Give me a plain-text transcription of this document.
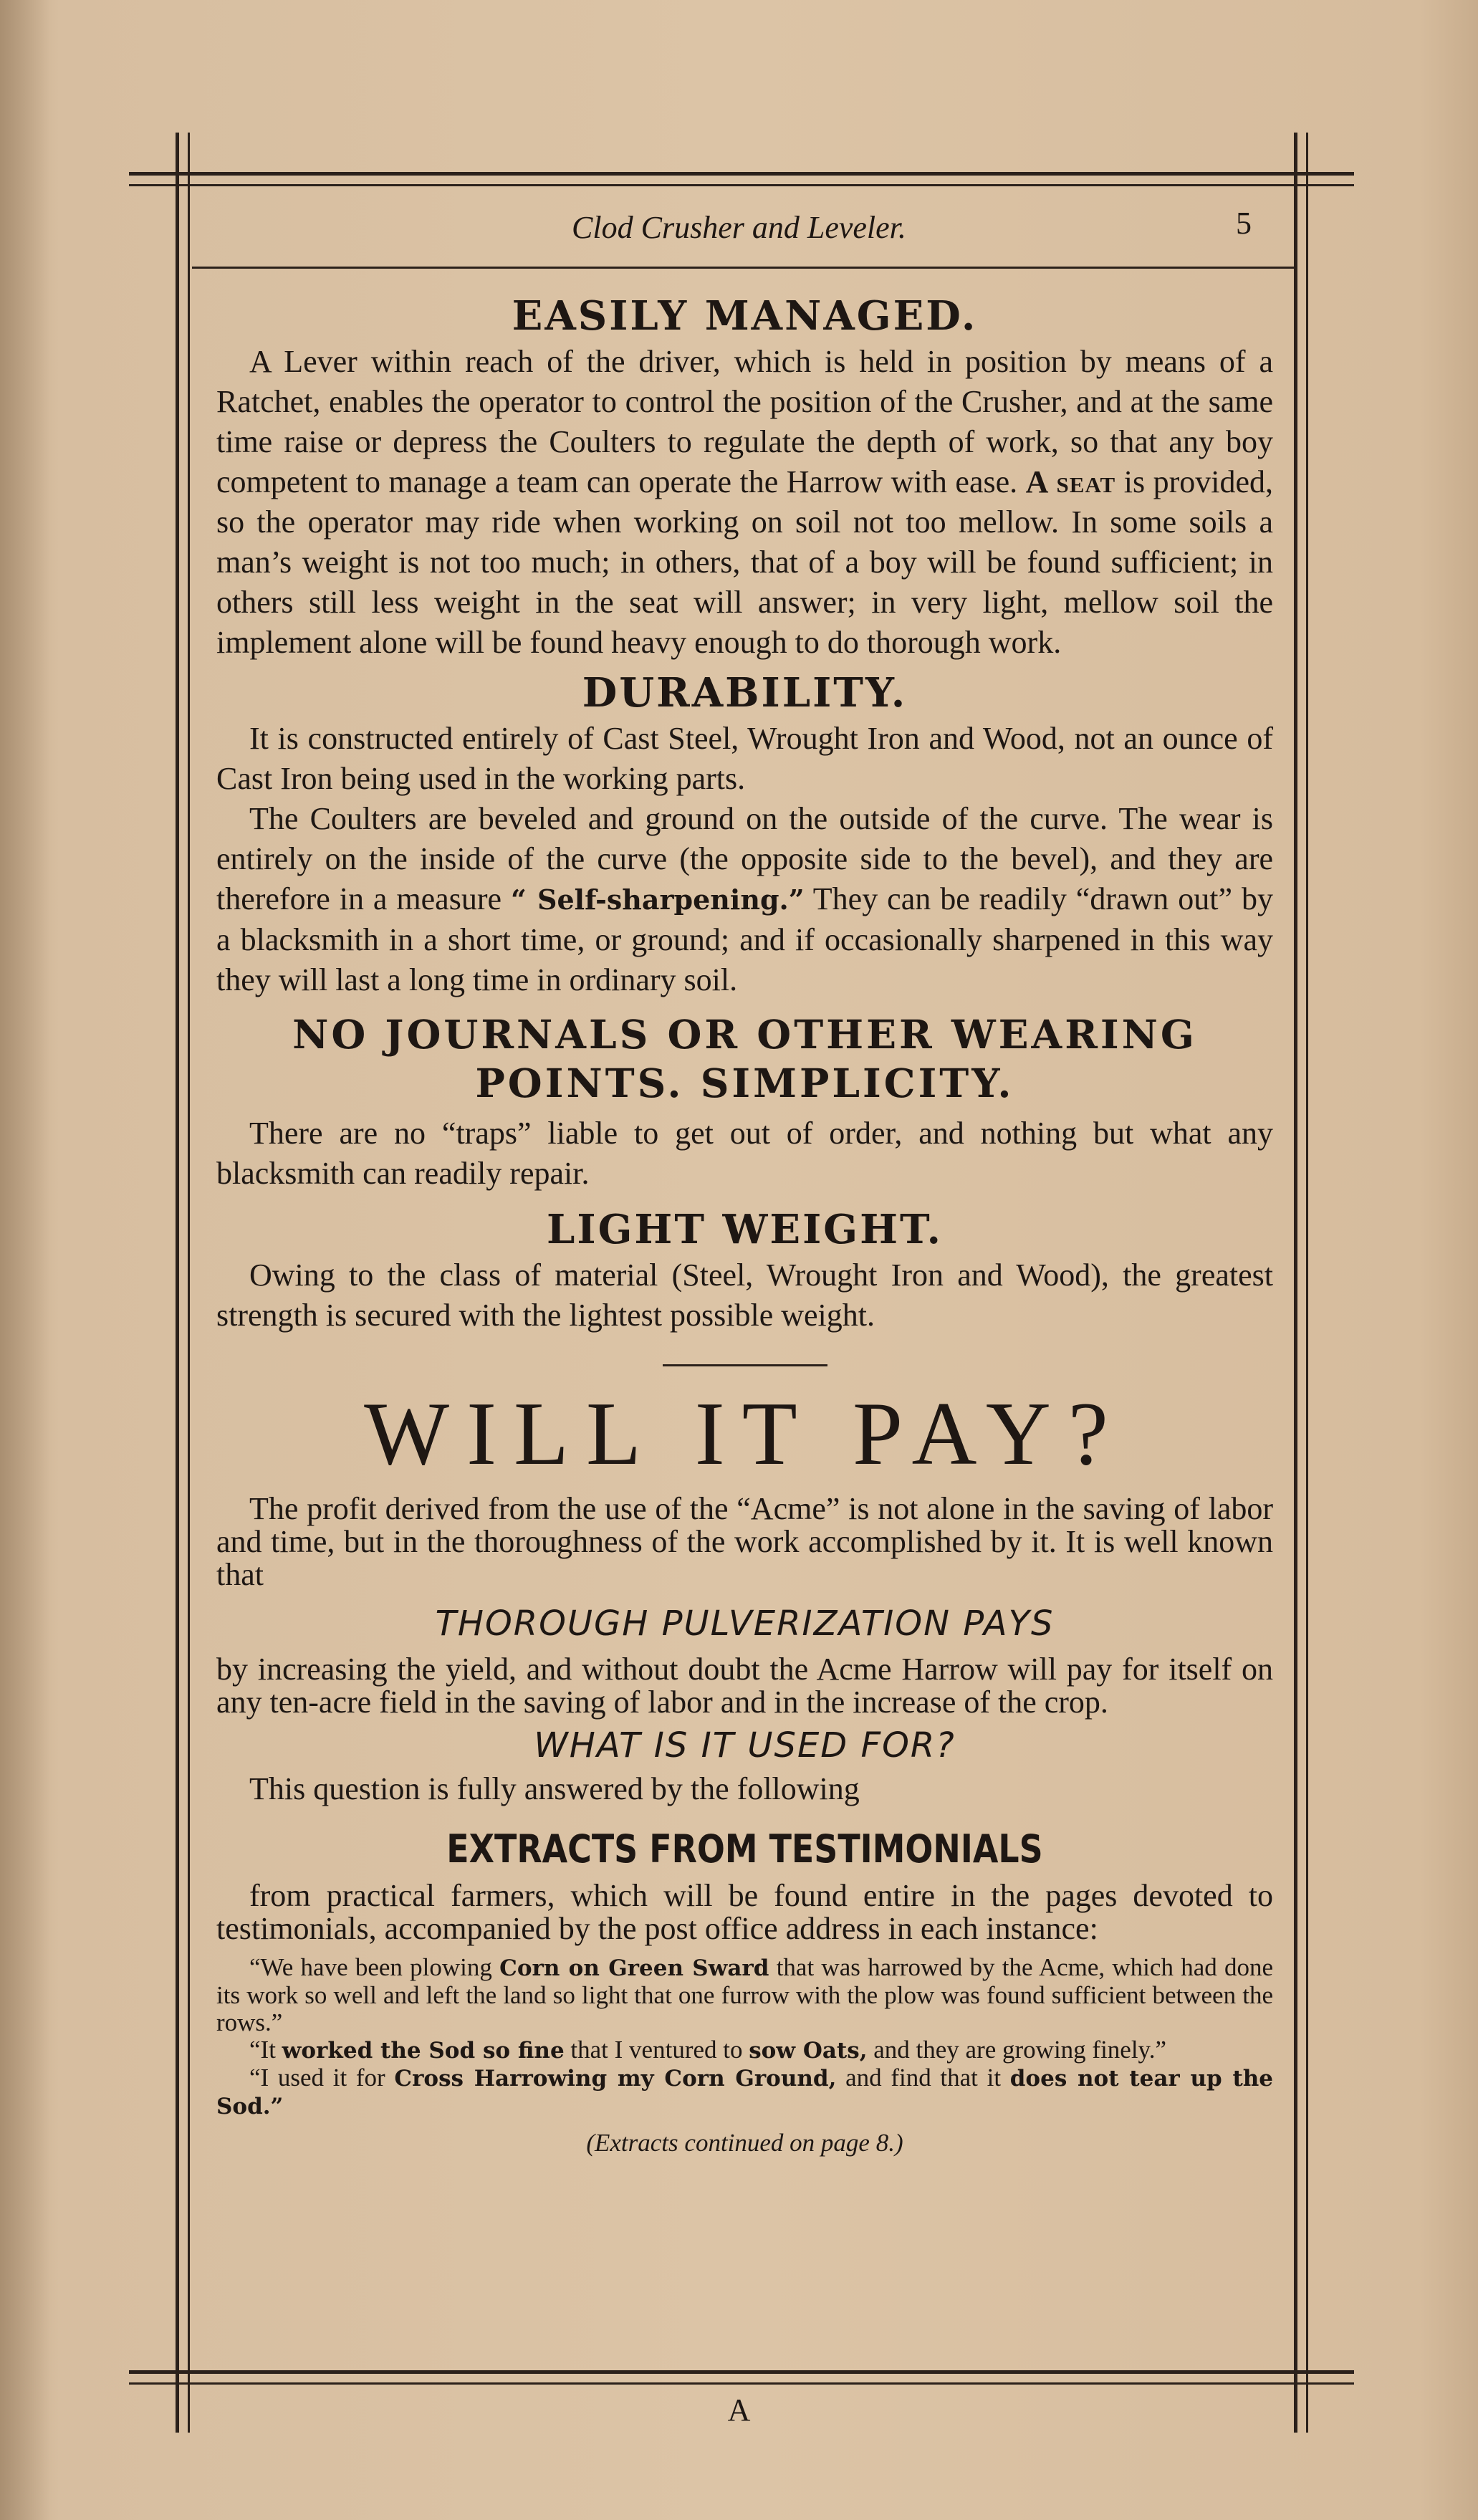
Clod Crusher and Leveler.	5
EASILY MANAGED.

A Lever within reach of the driver, which is held in position by means of a Ratchet, enables the operator to control the position of the Crusher, and at the same time raise or depress the Coulters to regulate the depth of work, so that any boy competent to manage a team can operate the Harrow with ease. A seat is provided, so the operator may ride when working on soil not too mellow. In some soils a man’s weight is not too much; in others, that of a boy will be found sufficient; in others still less weight in the seat will answer; in very light, mellow soil the implement alone will be found heavy enough to do thorough work.

DURABILITY.

It is constructed entirely of Cast Steel, Wrought Iron and Wood, not an ounce of Cast Iron being used in the working parts.

The Coulters are beveled and ground on the outside of the curve. The wear is entirely on the inside of the curve (the opposite side to the bevel), and they are therefore in a measure “ Self-sharpening.” They can be readily “drawn out” by a blacksmith in a short time, or ground; and if occasionally sharpened in this way they will last a long time in ordinary soil.

NO JOURNALS OR OTHER WEARING
POINTS. SIMPLICITY.

There are no “traps” liable to get out of order, and nothing but what any blacksmith can readily repair.

LIGHT WEIGHT.

Owing to the class of material (Steel, Wrought Iron and Wood), the greatest strength is secured with the lightest possible weight.

WILL IT PAY?

The profit derived from the use of the “Acme” is not alone in the saving of labor and time, but in the thoroughness of the work accomplished by it. It is well known that

THOROUGH PULVERIZATION PAYS

by increasing the yield, and without doubt the Acme Harrow will pay for itself on any ten-acre field in the saving of labor and in the increase of the crop.

WHAT IS IT USED FOR?

This question is fully answered by the following

EXTRACTS FROM TESTIMONIALS

from practical farmers, which will be found entire in the pages devoted to testimonials, accompanied by the post office address in each instance:

“We have been plowing Corn on Green Sward that was harrowed by the Acme, which had done its work so well and left the land so light that one furrow with the plow was found sufficient between the rows.”

“It worked the Sod so fine that I ventured to sow Oats, and they are growing finely.”

“I used it for Cross Harrowing my Corn Ground, and find that it does not tear up the Sod.”

(Extracts continued on page 8.)
A
